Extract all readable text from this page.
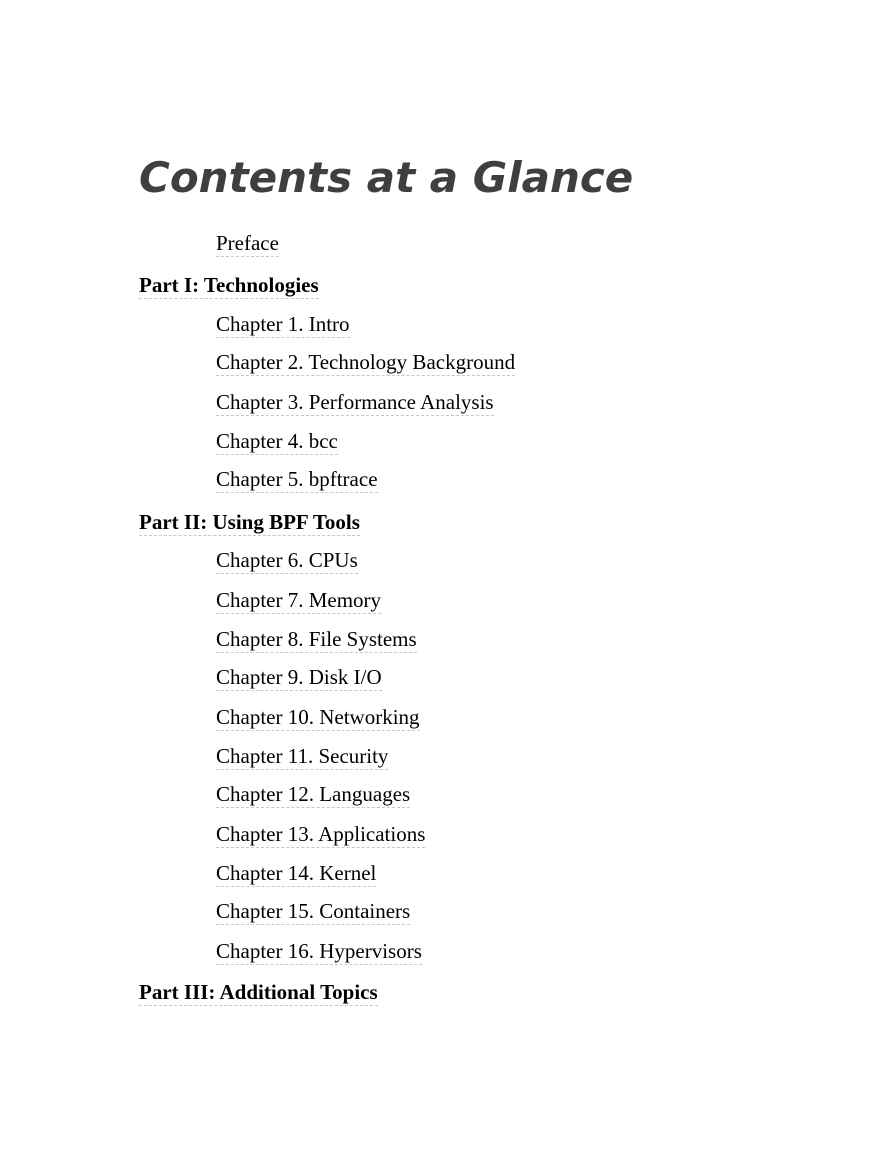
Contents at a Glance
Preface
Part I: Technologies
Chapter 1. Intro
Chapter 2. Technology Background
Chapter 3. Performance Analysis
Chapter 4. bcc
Chapter 5. bpftrace
Part II: Using BPF Tools
Chapter 6. CPUs
Chapter 7. Memory
Chapter 8. File Systems
Chapter 9. Disk I/O
Chapter 10. Networking
Chapter 11. Security
Chapter 12. Languages
Chapter 13. Applications
Chapter 14. Kernel
Chapter 15. Containers
Chapter 16. Hypervisors
Part III: Additional Topics
